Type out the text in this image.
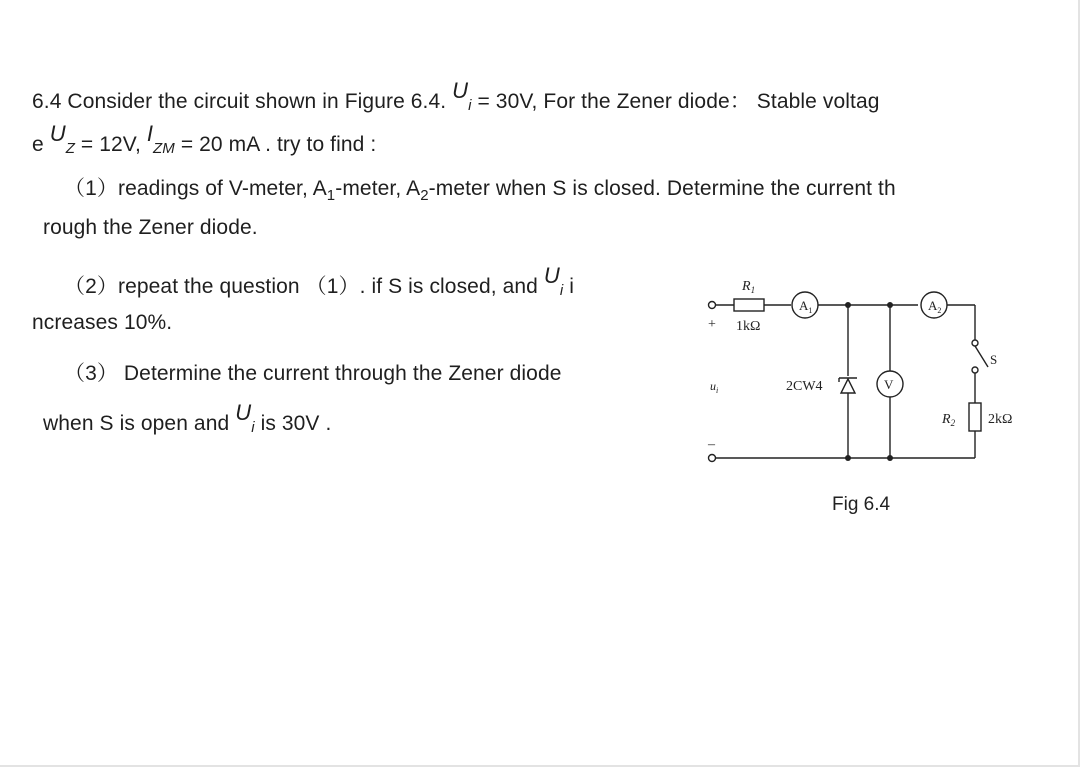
6.4 Consider the circuit shown in Figure 6.4. Ui = 30V, For the Zener diode： Stable voltag
e UZ = 12V, IZM = 20 mA . try to find :
（1）readings of V-meter, $A_1$-meter, $A_2$-meter when S is closed. Determine the current th
rough the Zener diode.
（2）repeat the question （1）. if S is closed, and Ui i
ncreases 10%.
（3） Determine the current through the Zener diode
when S is open and Ui is 30V .
$R_1$
1kΩ
$A_1$	$A_2$
V
2CW4
S
$R_2$ 2kΩ
+
–
$u_i$
Fig 6.4
